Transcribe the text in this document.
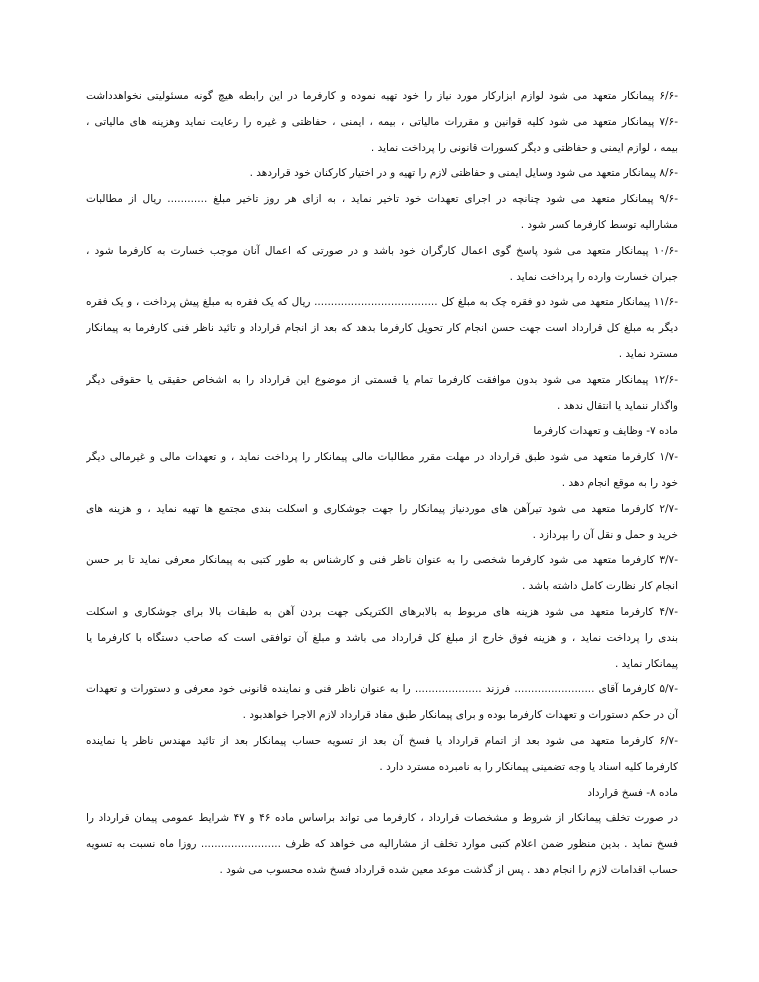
-۶/۶ پیمانکار متعهد می شود لوازم ابزارکار مورد نیاز را خود تهیه نموده و کارفرما در این رابطه هیچ گونه مسئولیتی نخواهدداشت
-۷/۶ پیمانکار متعهد می شود کلیه قوانین و مقررات مالیاتی ، بیمه ، ایمنی ، حفاظتی و غیره را رعایت نماید وهزینه های مالیاتی ،
بیمه ، لوازم ایمنی و حفاظتی و دیگر کسورات قانونی را پرداخت نماید .
-۸/۶ پیمانکار متعهد می شود وسایل ایمنی و حفاظتی لازم را تهیه و در اختیار کارکنان خود قراردهد .
-۹/۶ پیمانکار متعهد می شود چنانچه در اجرای تعهدات خود تاخیر نماید ، به ازای هر روز تاخیر مبلغ ............ ریال از مطالبات
مشارالیه توسط کارفرما کسر شود .
-۱۰/۶ پیمانکار متعهد می شود پاسخ گوی اعمال کارگران خود باشد و در صورتی که اعمال آنان موجب خسارت به کارفرما شود ،
جبران خسارت وارده را پرداخت نماید .
-۱۱/۶ پیمانکار متعهد می شود دو فقره چک به مبلغ کل ..................................... ریال که یک فقره به مبلغ پیش پرداخت ، و یک فقره
دیگر به مبلغ کل قرارداد است جهت حسن انجام کار تحویل کارفرما بدهد که بعد از انجام قرارداد و تائید ناظر فنی کارفرما به پیمانکار
مسترد نماید .
-۱۲/۶ پیمانکار متعهد می شود بدون موافقت کارفرما تمام یا قسمتی از موضوع این قرارداد را به اشخاص حقیقی یا حقوقی دیگر
واگذار ننماید یا انتقال ندهد .
ماده ۷- وظایف و تعهدات کارفرما
-۱/۷ کارفرما متعهد می شود طبق قرارداد در مهلت مقرر مطالبات مالی پیمانکار را پرداخت نماید ، و تعهدات مالی و غیرمالی دیگر
خود را به موقع انجام دهد .
-۲/۷ کارفرما متعهد می شود تیرآهن های موردنیاز پیمانکار را جهت جوشکاری و اسکلت بندی مجتمع ها تهیه نماید ، و هزینه های
خرید و حمل و نقل آن را بپردازد .
-۳/۷ کارفرما متعهد می شود کارفرما شخصی را به عنوان ناظر فنی و کارشناس به طور کتبی به پیمانکار معرفی نماید تا بر حسن
انجام کار نظارت کامل داشته باشد .
-۴/۷ کارفرما متعهد می شود هزینه های مربوط به بالابرهای الکتریکی جهت بردن آهن به طبقات بالا برای جوشکاری و اسکلت
بندی را پرداخت نماید ، و هزینه فوق خارج از مبلغ کل قرارداد می باشد و مبلغ آن توافقی است که صاحب دستگاه با کارفرما یا
پیمانکار نماید .
-۵/۷ کارفرما آقای ........................ فرزند .................... را به عنوان ناظر فنی و نماینده قانونی خود معرفی و دستورات و تعهدات
آن در حکم دستورات و تعهدات کارفرما بوده و برای پیمانکار طبق مفاد قرارداد لازم الاجرا خواهدبود .
-۶/۷ کارفرما متعهد می شود بعد از اتمام قرارداد یا فسخ آن بعد از تسویه حساب پیمانکار بعد از تائید مهندس ناظر یا نماینده
کارفرما کلیه اسناد یا وجه تضمینی پیمانکار را به نامبرده مسترد دارد .
ماده ۸- فسخ قرارداد
در صورت تخلف پیمانکار از شروط و مشخصات قرارداد ، کارفرما می تواند براساس ماده ۴۶ و ۴۷ شرایط عمومی پیمان قرارداد را
فسخ نماید . بدین منظور ضمن اعلام کتبی موارد تخلف از مشارالیه می خواهد که ظرف ........................ روزا ماه نسبت به تسویه
حساب اقدامات لازم را انجام دهد . پس از گذشت موعد معین شده قرارداد فسخ شده محسوب می شود .
